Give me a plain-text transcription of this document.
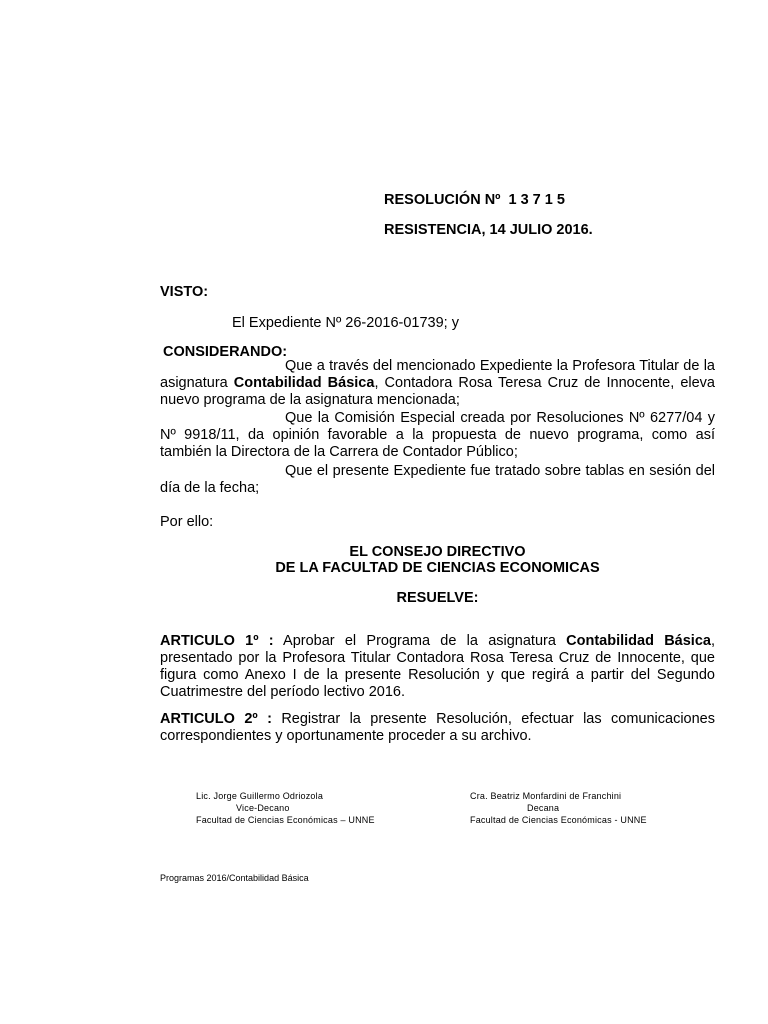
RESOLUCIÓN Nº 1 3 7 1 5
RESISTENCIA, 14 JULIO 2016.
VISTO:
El Expediente Nº 26-2016-01739; y
CONSIDERANDO:
Que a través del mencionado Expediente la Profesora Titular de la asignatura Contabilidad Básica, Contadora Rosa Teresa Cruz de Innocente, eleva nuevo programa de la asignatura mencionada;
Que la Comisión Especial creada por Resoluciones Nº 6277/04 y Nº 9918/11, da opinión favorable a la propuesta de nuevo programa, como así también la Directora de la Carrera de Contador Público;
Que el presente Expediente fue tratado sobre tablas en sesión del día de la fecha;
Por ello:
EL CONSEJO DIRECTIVO
DE LA FACULTAD DE CIENCIAS ECONOMICAS
RESUELVE:
ARTICULO 1º : Aprobar el Programa de la asignatura Contabilidad Básica, presentado por la Profesora Titular Contadora Rosa Teresa Cruz de Innocente, que figura como Anexo I de la presente Resolución y que regirá a partir del Segundo Cuatrimestre del período lectivo 2016.
ARTICULO 2º : Registrar la presente Resolución, efectuar las comunicaciones correspondientes y oportunamente proceder a su archivo.
Lic. Jorge Guillermo Odriozola
Vice-Decano
Facultad de Ciencias Económicas – UNNE
Cra. Beatriz Monfardini de Franchini
Decana
Facultad de Ciencias Económicas - UNNE
Programas 2016/Contabilidad Básica
